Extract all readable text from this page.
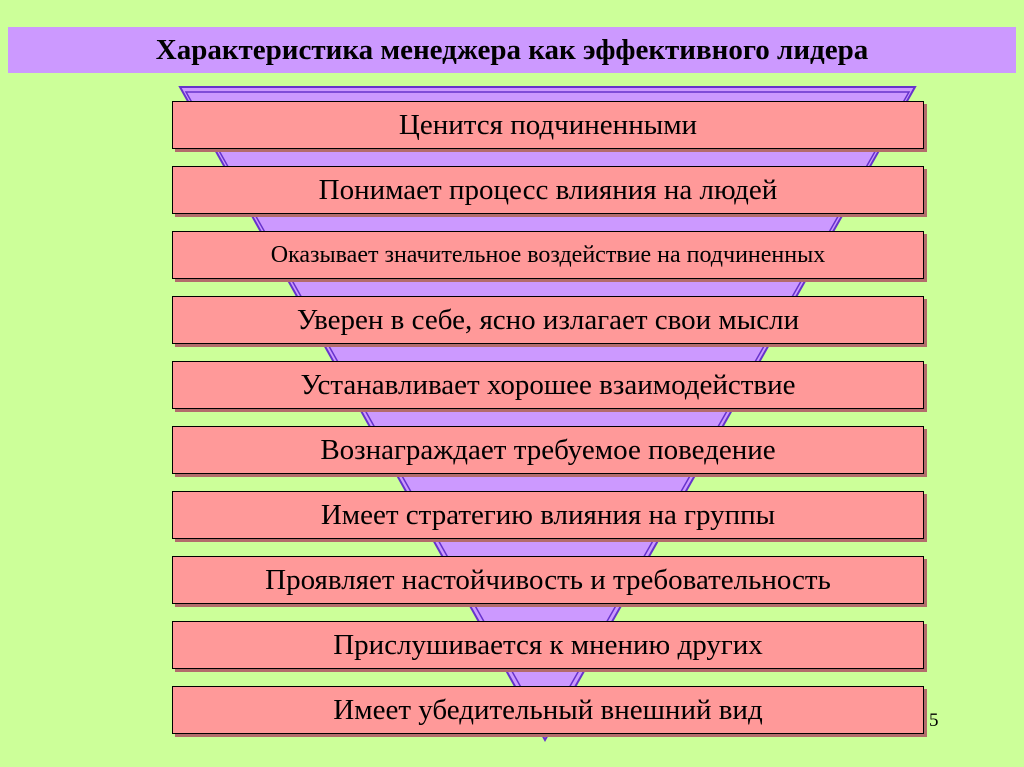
Характеристика менеджера как эффективного лидера
Ценится подчиненными
Понимает процесс влияния на людей
Оказывает значительное воздействие на подчиненных
Уверен в себе, ясно излагает свои мысли
Устанавливает хорошее взаимодействие
Вознаграждает требуемое поведение
Имеет стратегию влияния на группы
Проявляет настойчивость и требовательность
Прислушивается к мнению других
Имеет убедительный внешний вид	5
